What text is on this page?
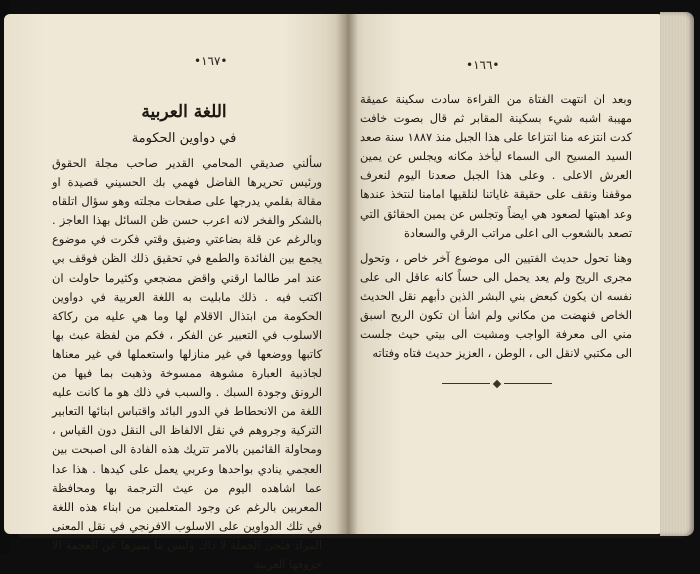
•١٦٧•
اللغة العربية
في دواوين الحكومة
سألني صديقي المحامي القدير صاحب مجلة الحقوق ورئيس تحريرها الفاضل فهمي بك الحسيني قصيدة او مقالة بقلمي يدرجها على صفحات مجلته وهو سؤال اتلقاه بالشكر والفخر لانه اعرب حسن ظن السائل بهذا العاجز . وبالرغم عن قلة بضاعتي وضيق وقتي فكرت في موضوع يجمع بين الفائدة والطمع في تحقيق ذلك الظن فوقف بي عند امر طالما ارقني واقض مضجعي وكثيرما حاولت ان اكتب فيه . ذلك مابليت به اللغة العربية في دواوين الحكومة من ابتذال الاقلام لها وما هي عليه من ركاكة الاسلوب في التعبير عن الفكر ، فكم من لفظة عبث بها كاتبها ووضعها في غير منازلها واستعملها في غير معناها لجاذبية العبارة مشوهة ممسوخة وذهبت بما فيها من الرونق وجودة السبك . والسبب في ذلك هو ما كانت عليه اللغة من الانحطاط في الدور البائد واقتباس ابنائها التعابير التركية وجروهم في نقل الالفاظ الى النقل دون القياس ، ومحاولة القائمين بالامر تتريك هذه الفادة الى اصبحت بين العجمي ينادي بواحدها وعربي يعمل على كيدها . هذا عدا عما اشاهده اليوم من عيث الترجمة بها ومحافظة المعربين بالرغم عن وجود المتعلمين من ابناء هذه اللغة في تلك الدواوين على الاسلوب الافرنجي في نقل المعنى المراد فتجئ الجملة لا ذاك وليس ما يميزها عن العجمة الا حروفها العربية
•١٦٦•
وبعد ان انتهت الفتاة من القراءة سادت سكينة عميقة مهيبة اشبه شيء بسكينة المقابر ثم قال بصوت خافت كدت انتزعه منا انتزاعا على هذا الجبل منذ ١٨٨٧ سنة صعد السيد المسيح الى السماء ليأخذ مكانه ويجلس عن يمين العرش الاعلى . وعلى هذا الجبل صعدنا اليوم لنعرف موقفنا ونقف على حقيقة غاياتنا لنلقيها امامنا لنتخذ عندها وعد اهبتها لصعود هي ايضاً وتجلس عن يمين الحقائق التي تصعد بالشعوب الى اعلى مراتب الرقي والسعادة
وهنا تحول حديث الفتيين الى موضوع آخر خاص ، وتحول مجرى الريح ولم يعد يحمل الى حساً كانه عاقل الى على نفسه ان يكون كبعض بني البشر الذين دأبهم نقل الحديث الخاص فنهضت من مكاني ولم اشأ ان تكون الريح اسبق مني الى معرفة الواجب ومشيت الى بيتي حيث جلست الى مكتبي لانقل الى ، الوطن ، العزيز حديث فتاه وفتاته
